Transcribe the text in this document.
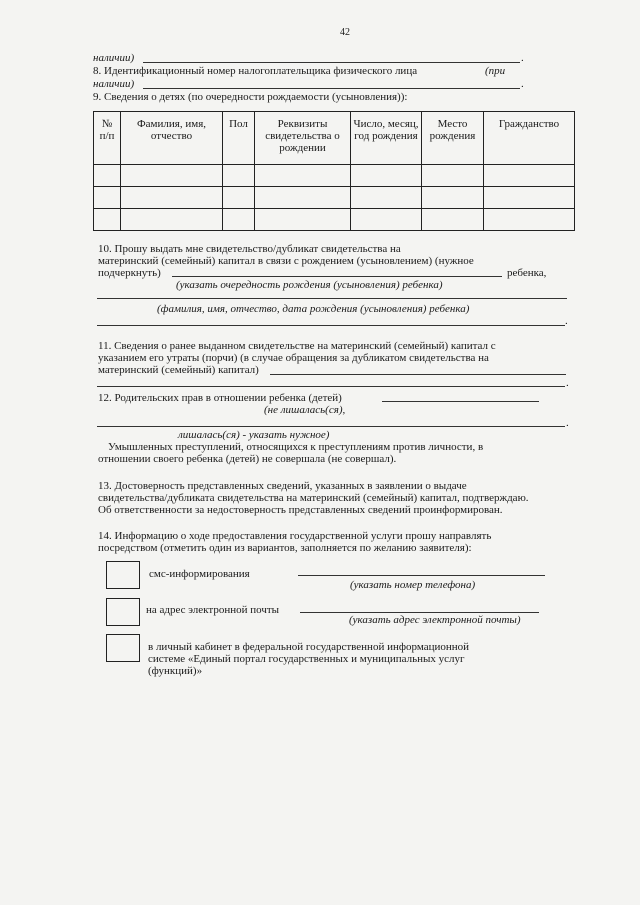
42
наличии)	.
8. Идентификационный номер налогоплательщика физического лица	(при
наличии)	.
9. Сведения о детях (по очередности рождаемости (усыновления)):
№ п/п	Фамилия, имя, отчество	Пол	Реквизиты свидетельства о рождении	Число, месяц, год рождения	Место рождения	Гражданство

10. Прошу выдать мне свидетельство/дубликат свидетельства на
материнский (семейный) капитал в связи с рождением (усыновлением) (нужное
подчеркнуть)	ребенка,
(указать очередность рождения (усыновления) ребенка)
(фамилия, имя, отчество, дата рождения (усыновления) ребенка)
.
11. Сведения о ранее выданном свидетельстве на материнский (семейный) капитал с
указанием его утраты (порчи) (в случае обращения за дубликатом свидетельства на
материнский (семейный) капитал)
.
12. Родительских прав в отношении ребенка (детей)
(не лишалась(ся),
.
лишалась(ся) - указать нужное)
Умышленных преступлений, относящихся к преступлениям против личности, в
отношении своего ребенка (детей) не совершала (не совершал).
13. Достоверность представленных сведений, указанных в заявлении о выдаче
свидетельства/дубликата свидетельства на материнский (семейный) капитал, подтверждаю.
Об ответственности за недостоверность представленных сведений проинформирован.
14. Информацию о ходе предоставления государственной услуги прошу направлять
посредством (отметить один из вариантов, заполняется по желанию заявителя):
смс-информирования
(указать номер телефона)
на адрес электронной почты
(указать адрес электронной почты)
в личный кабинет в федеральной государственной информационной
системе «Единый портал государственных и муниципальных услуг
(функций)»
